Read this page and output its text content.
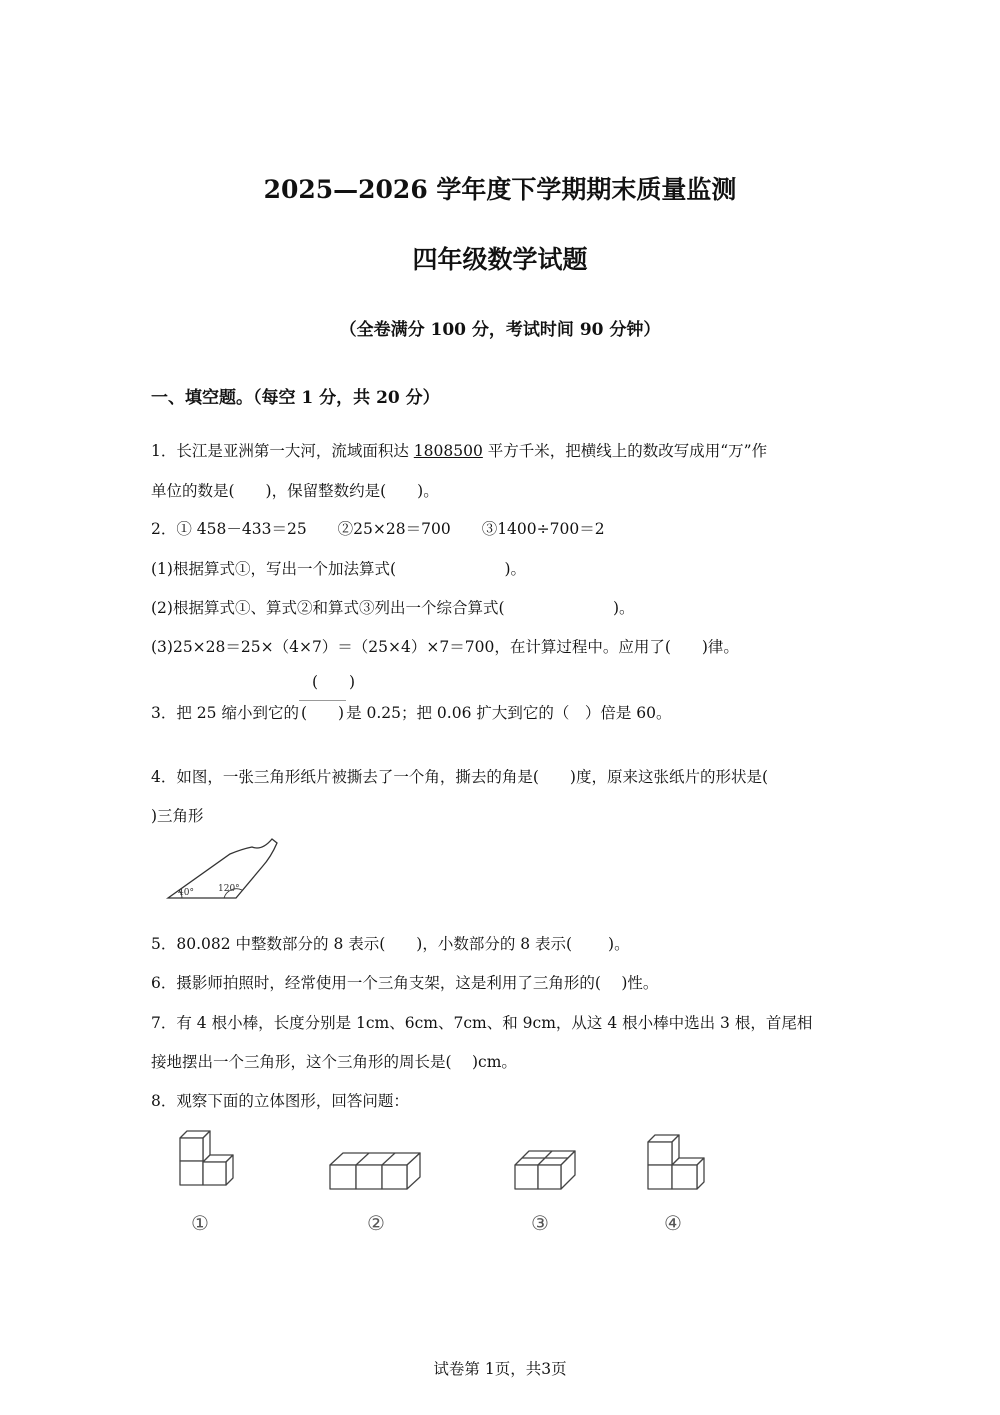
2025—2026 学年度下学期期末质量监测
四年级数学试题
（全卷满分 100 分，考试时间 90 分钟）
一、填空题。（每空 1 分，共 20 分）
1．长江是亚洲第一大河，流域面积达 1808500 平方千米，把横线上的数改写成用“万”作
单位的数是(　　)，保留整数约是(　　)。
2．① 458－433＝25　　②25×28＝700　　③1400÷700＝2
(1)根据算式①，写出一个加法算式(　　　　　　　)。
(2)根据算式①、算式②和算式③列出一个综合算式(　　　　　　　)。
(3)25×28＝25×（4×7）＝（25×4）×7＝700，在计算过程中。应用了(　　)律。
(　　)
3．把 25 缩小到它的 (　　) 是 0.25；把 0.06 扩大到它的（　）倍是 60。
4．如图，一张三角形纸片被撕去了一个角，撕去的角是(　　)度，原来这张纸片的形状是(
)三角形
40°	120°
5．80.082 中整数部分的 8 表示(　　)，小数部分的 8 表示(　　 )。
6．摄影师拍照时，经常使用一个三角支架，这是利用了三角形的(　 )性。
7．有 4 根小棒，长度分别是 1cm、6cm、7cm、和 9cm，从这 4 根小棒中选出 3 根，首尾相
接地摆出一个三角形，这个三角形的周长是(　 )cm。
8．观察下面的立体图形，回答问题：
①	②	③	④
试卷第 1页，共3页
